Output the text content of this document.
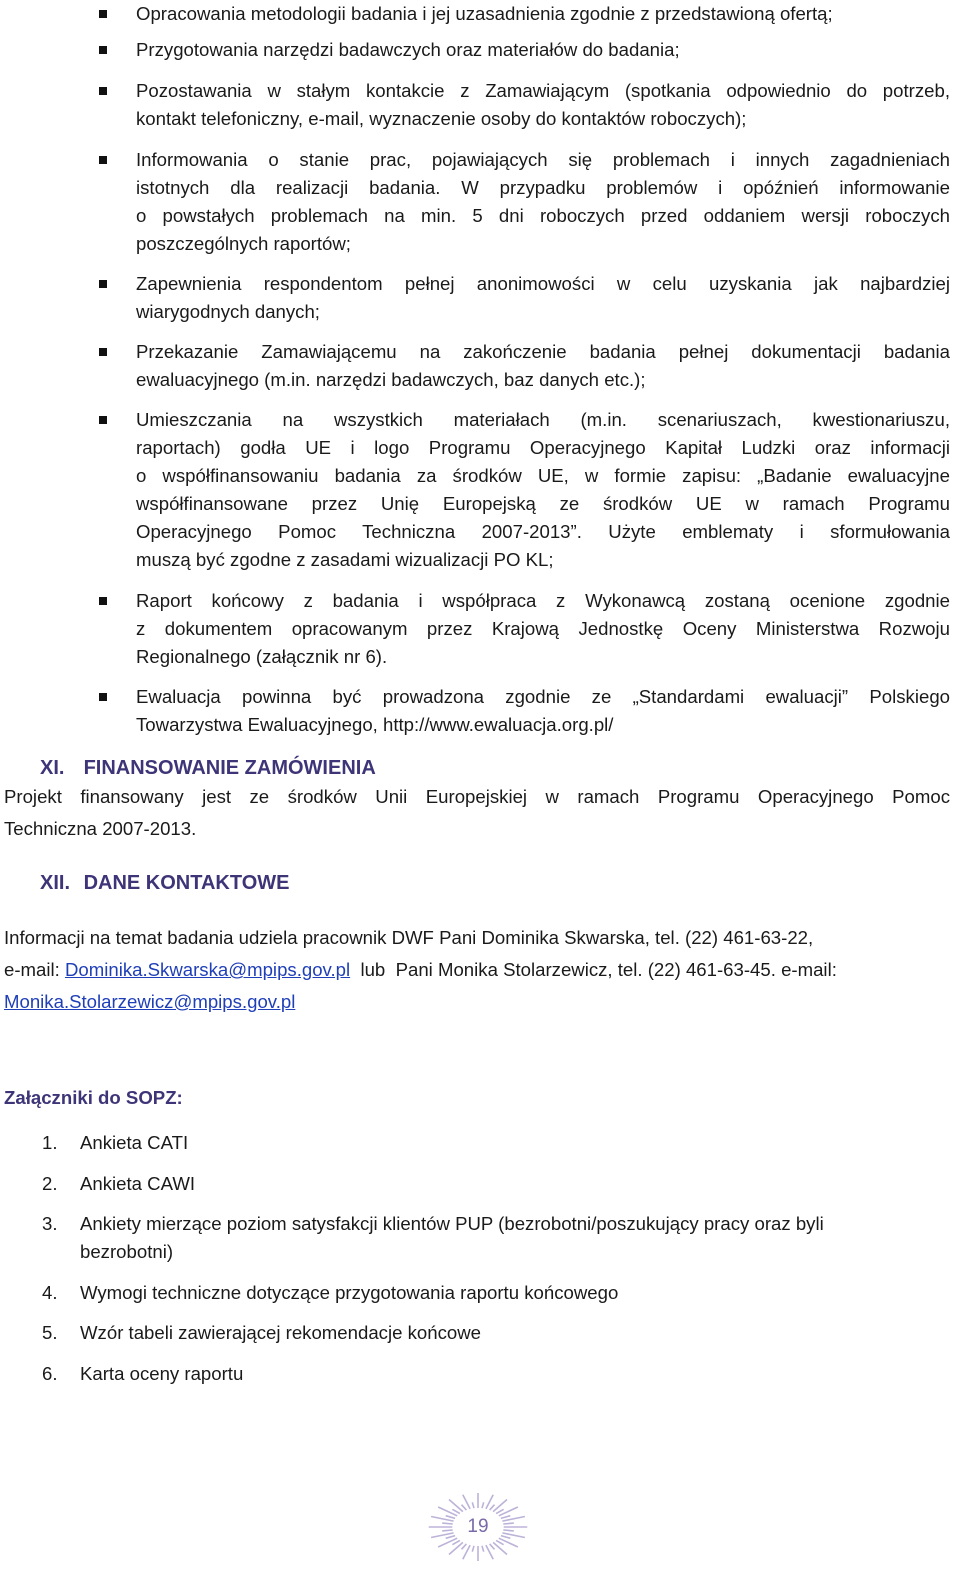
Opracowania metodologii badania i jej uzasadnienia zgodnie z przedstawioną ofertą;
Przygotowania narzędzi badawczych oraz materiałów do badania;
Pozostawania w stałym kontakcie z Zamawiającym (spotkania odpowiednio do potrzeb,
kontakt telefoniczny, e-mail, wyznaczenie osoby do kontaktów roboczych);
Informowania o stanie prac, pojawiających się problemach i innych zagadnieniach
istotnych dla realizacji badania. W przypadku problemów i opóźnień informowanie
o powstałych problemach na min. 5 dni roboczych przed oddaniem wersji roboczych
poszczególnych raportów;
Zapewnienia respondentom pełnej anonimowości w celu uzyskania jak najbardziej
wiarygodnych danych;
Przekazanie Zamawiającemu na zakończenie badania pełnej dokumentacji badania
ewaluacyjnego (m.in. narzędzi badawczych, baz danych etc.);
Umieszczania na wszystkich materiałach (m.in. scenariuszach, kwestionariuszu,
raportach) godła UE i logo Programu Operacyjnego Kapitał Ludzki oraz informacji
o współfinansowaniu badania za środków UE, w formie zapisu: „Badanie ewaluacyjne
współfinansowane przez Unię Europejską ze środków UE w ramach Programu
Operacyjnego Pomoc Techniczna 2007-2013”. Użyte emblematy i sformułowania
muszą być zgodne z zasadami wizualizacji PO KL;
Raport końcowy z badania i współpraca z Wykonawcą zostaną ocenione zgodnie
z dokumentem opracowanym przez Krajową Jednostkę Oceny Ministerstwa Rozwoju
Regionalnego (załącznik nr 6).
Ewaluacja powinna być prowadzona zgodnie ze „Standardami ewaluacji” Polskiego
Towarzystwa Ewaluacyjnego, http://www.ewaluacja.org.pl/
XI. FINANSOWANIE ZAMÓWIENIA
Projekt finansowany jest ze środków Unii Europejskiej w ramach Programu Operacyjnego Pomoc
Techniczna 2007-2013.
XII. DANE KONTAKTOWE
Informacji na temat badania udziela pracownik DWF Pani Dominika Skwarska, tel. (22) 461-63-22,
e-mail: Dominika.Skwarska@mpips.gov.pl  lub  Pani Monika Stolarzewicz, tel. (22) 461-63-45. e-mail:
Monika.Stolarzewicz@mpips.gov.pl
Załączniki do SOPZ:
1. Ankieta CATI
2. Ankieta CAWI
3. Ankiety mierzące poziom satysfakcji klientów PUP (bezrobotni/poszukujący pracy oraz byli
bezrobotni)
4. Wymogi techniczne dotyczące przygotowania raportu końcowego
5. Wzór tabeli zawierającej rekomendacje końcowe
6. Karta oceny raportu
19
